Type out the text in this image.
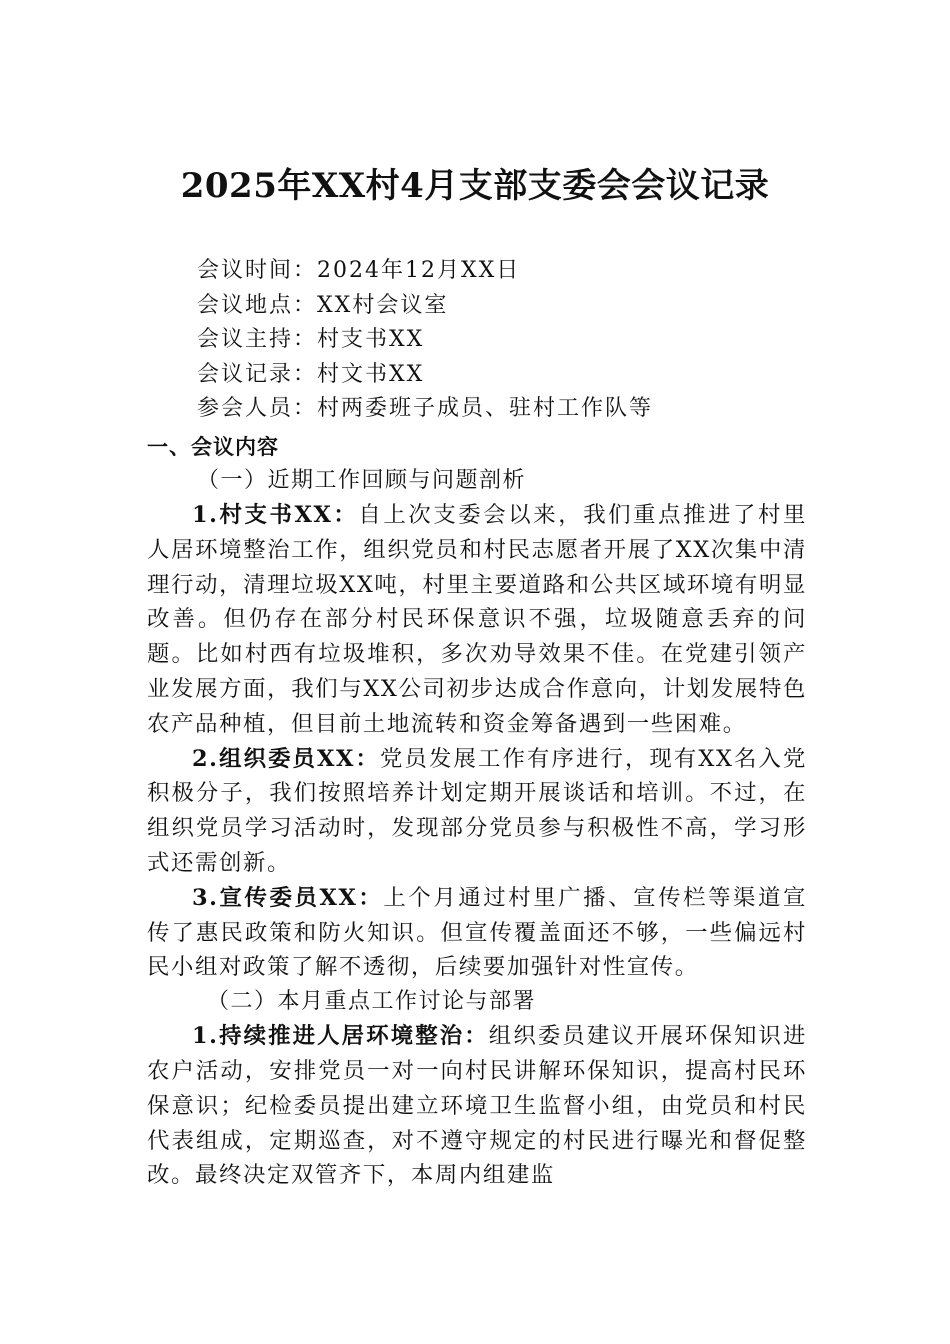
2025年XX村4月支部支委会会议记录
会议时间：2024年12月XX日
会议地点：XX村会议室
会议主持：村支书XX
会议记录：村文书XX
参会人员：村两委班子成员、驻村工作队等
一、会议内容
（一）近期工作回顾与问题剖析

1.村支书XX：自上次支委会以来，我们重点推进了村里人居环境整治工作，组织党员和村民志愿者开展了XX次集中清理行动，清理垃圾XX吨，村里主要道路和公共区域环境有明显改善。但仍存在部分村民环保意识不强，垃圾随意丢弃的问题。比如村西有垃圾堆积，多次劝导效果不佳。在党建引领产业发展方面，我们与XX公司初步达成合作意向，计划发展特色农产品种植，但目前土地流转和资金筹备遇到一些困难。

2.组织委员XX：党员发展工作有序进行，现有XX名入党积极分子，我们按照培养计划定期开展谈话和培训。不过，在组织党员学习活动时，发现部分党员参与积极性不高，学习形式还需创新。

3.宣传委员XX：上个月通过村里广播、宣传栏等渠道宣传了惠民政策和防火知识。但宣传覆盖面还不够，一些偏远村民小组对政策了解不透彻，后续要加强针对性宣传。

（二）本月重点工作讨论与部署

1.持续推进人居环境整治：组织委员建议开展环保知识进农户活动，安排党员一对一向村民讲解环保知识，提高村民环保意识；纪检委员提出建立环境卫生监督小组，由党员和村民代表组成，定期巡查，对不遵守规定的村民进行曝光和督促整改。最终决定双管齐下，本周内组建监
